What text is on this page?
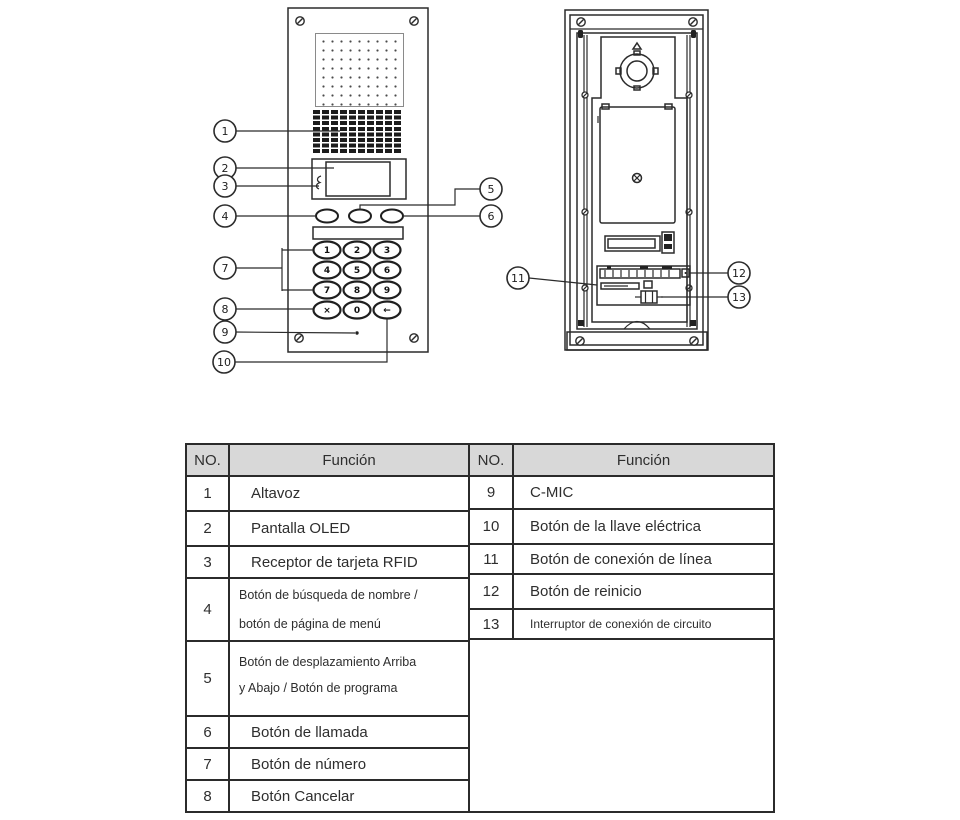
1	2	3
4	5	6
7	8	9
×	0	←
1
2
3
4
5
6
7
8
9
10
11	12
13
NO.	Función
1	Altavoz
2	Pantalla OLED
3	Receptor de tarjeta RFID
4
Botón de búsqueda de nombre /
botón de página de menú
5
Botón de desplazamiento Arriba
y Abajo / Botón de programa
6	Botón de llamada
7	Botón de número
8	Botón Cancelar
NO.	Función
9	C-MIC
10	Botón de la llave eléctrica
11	Botón de conexión de línea
12	Botón de reinicio
13	Interruptor de conexión de circuito
